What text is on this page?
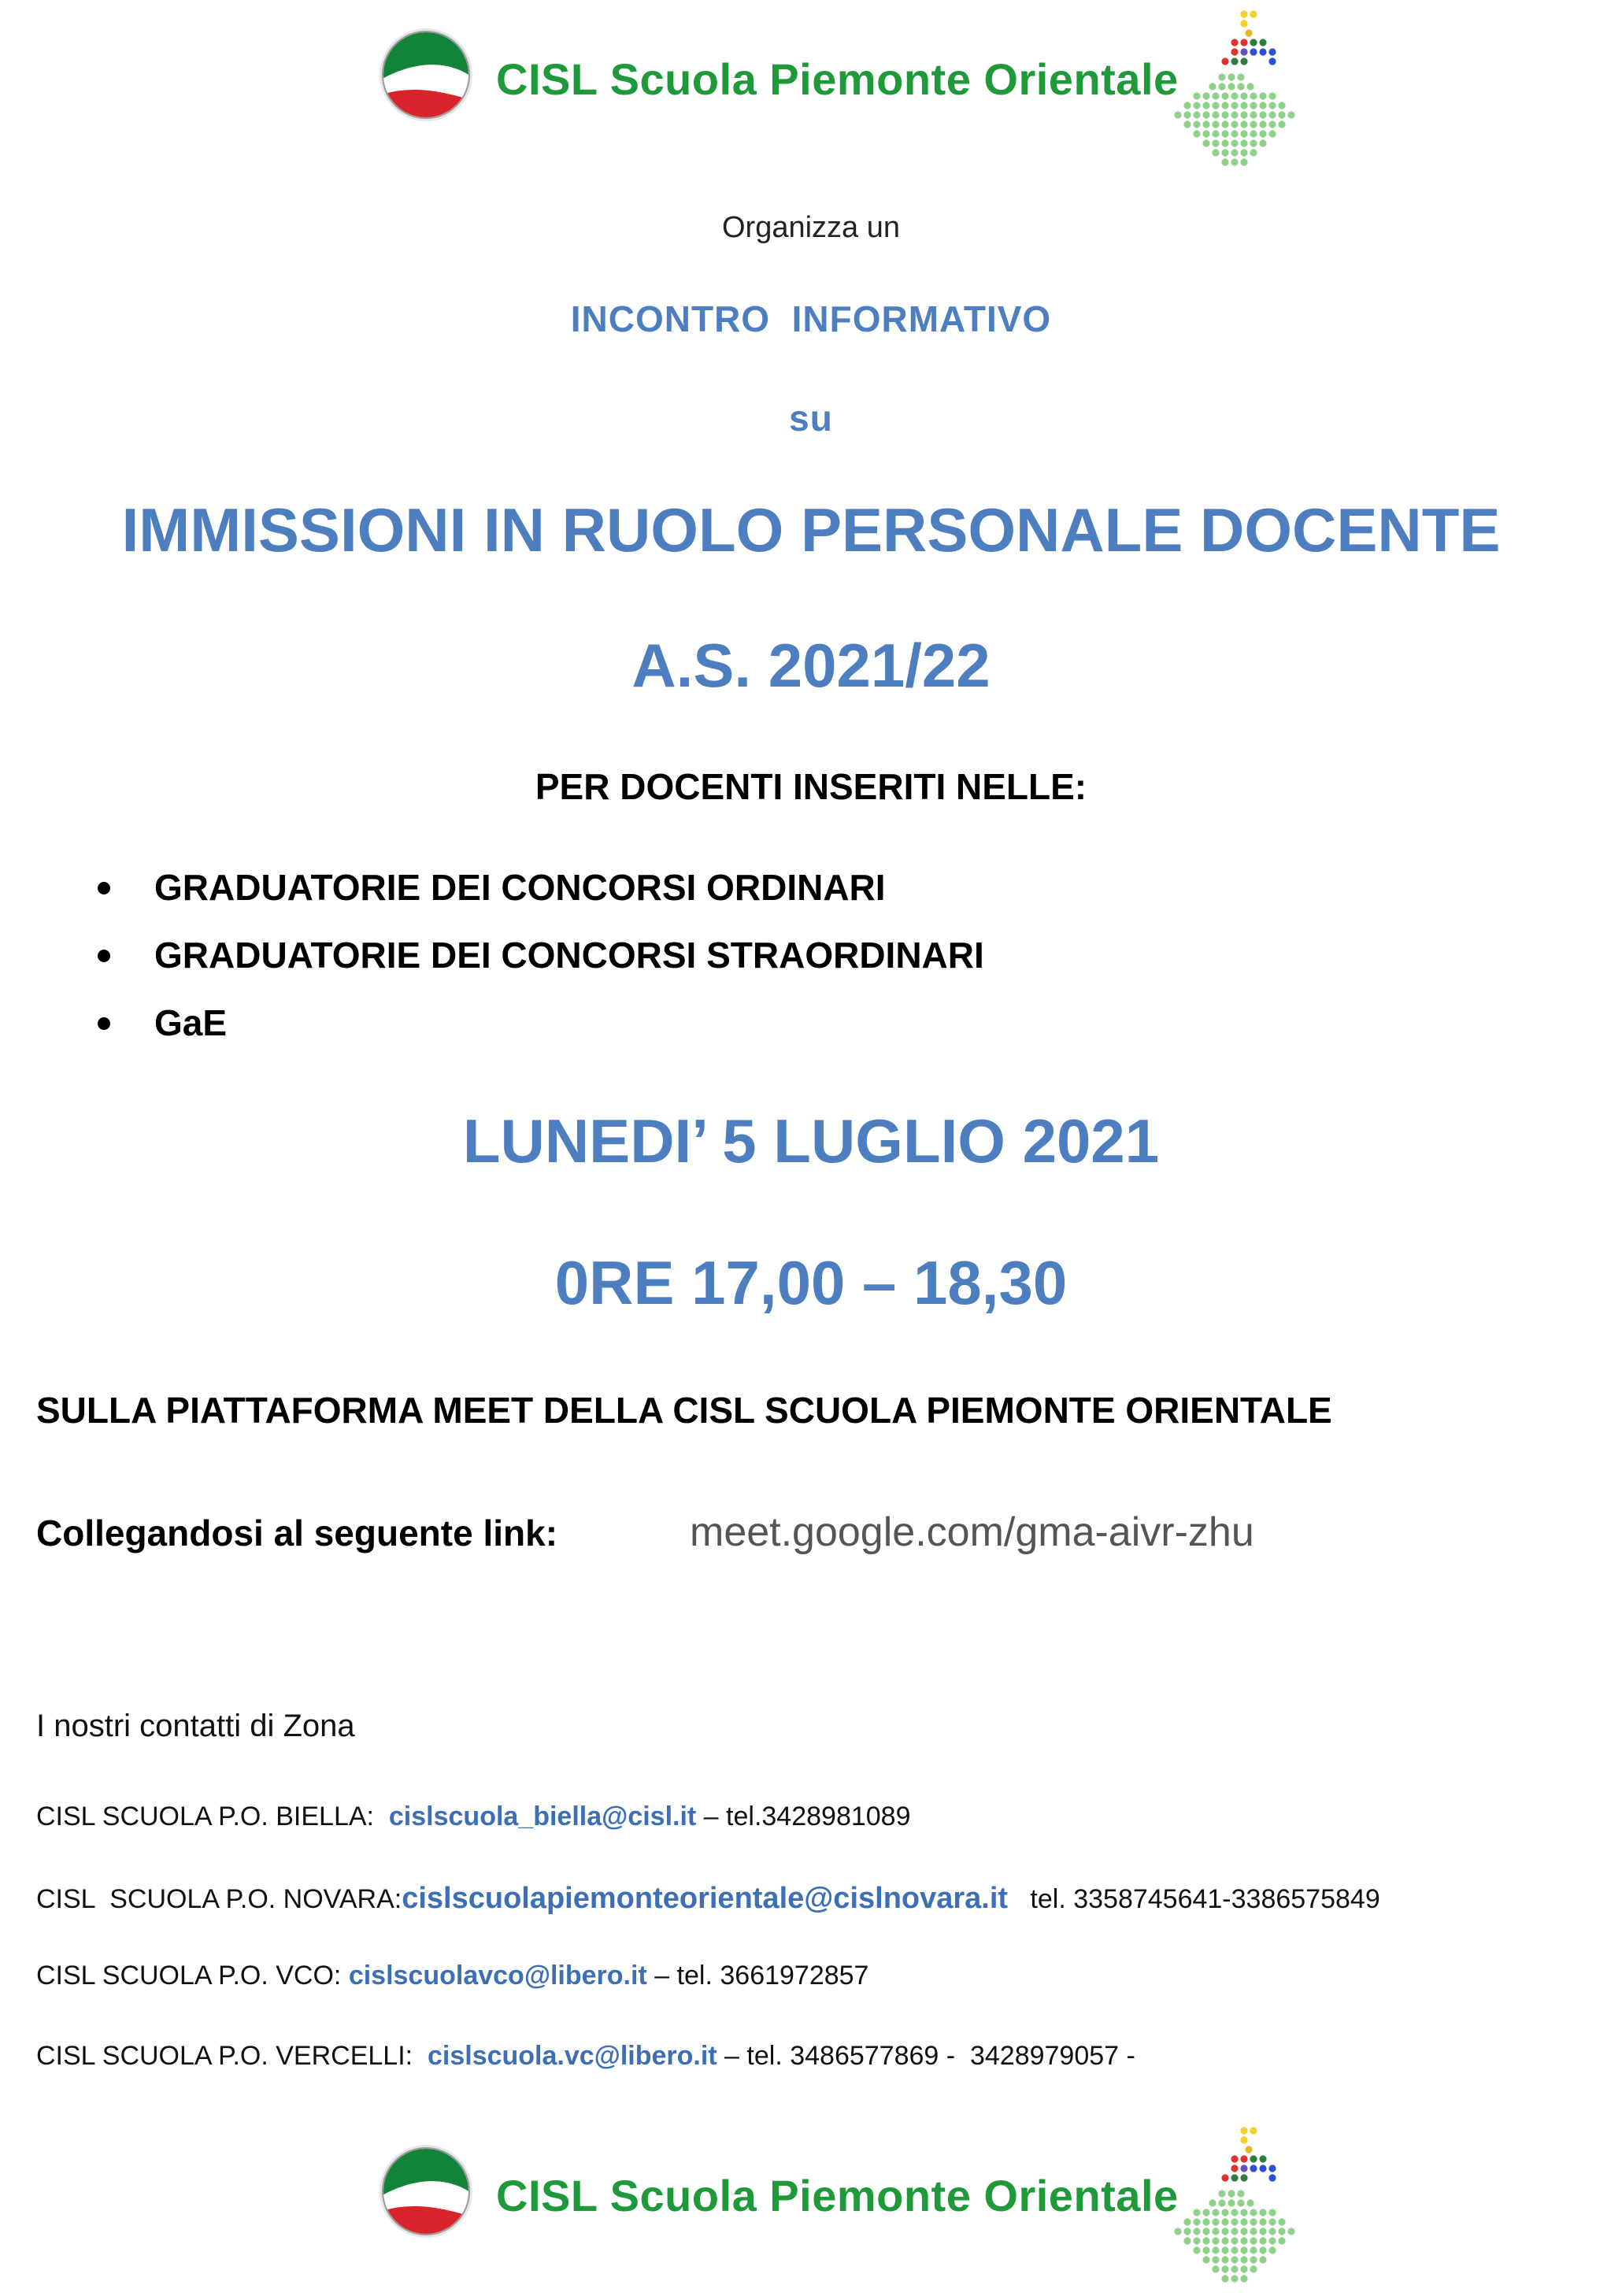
CISL Scuola Piemonte Orientale
Organizza un
INCONTRO  INFORMATIVO
su
IMMISSIONI IN RUOLO PERSONALE DOCENTE
A.S. 2021/22
PER DOCENTI INSERITI NELLE:
GRADUATORIE DEI CONCORSI ORDINARI
GRADUATORIE DEI CONCORSI STRAORDINARI
GaE
LUNEDI’ 5 LUGLIO 2021
0RE 17,00 – 18,30
SULLA PIATTAFORMA MEET DELLA CISL SCUOLA PIEMONTE ORIENTALE
Collegandosi al seguente link:	meet.google.com/gma-aivr-zhu
I nostri contatti di Zona
CISL SCUOLA P.O. BIELLA:  cislscuola_biella@cisl.it – tel.3428981089
CISL  SCUOLA P.O. NOVARA:cislscuolapiemonteorientale@cislnovara.it   tel. 3358745641-3386575849
CISL SCUOLA P.O. VCO: cislscuolavco@libero.it – tel. 3661972857
CISL SCUOLA P.O. VERCELLI:  cislscuola.vc@libero.it – tel. 3486577869 -  3428979057 -
CISL Scuola Piemonte Orientale
